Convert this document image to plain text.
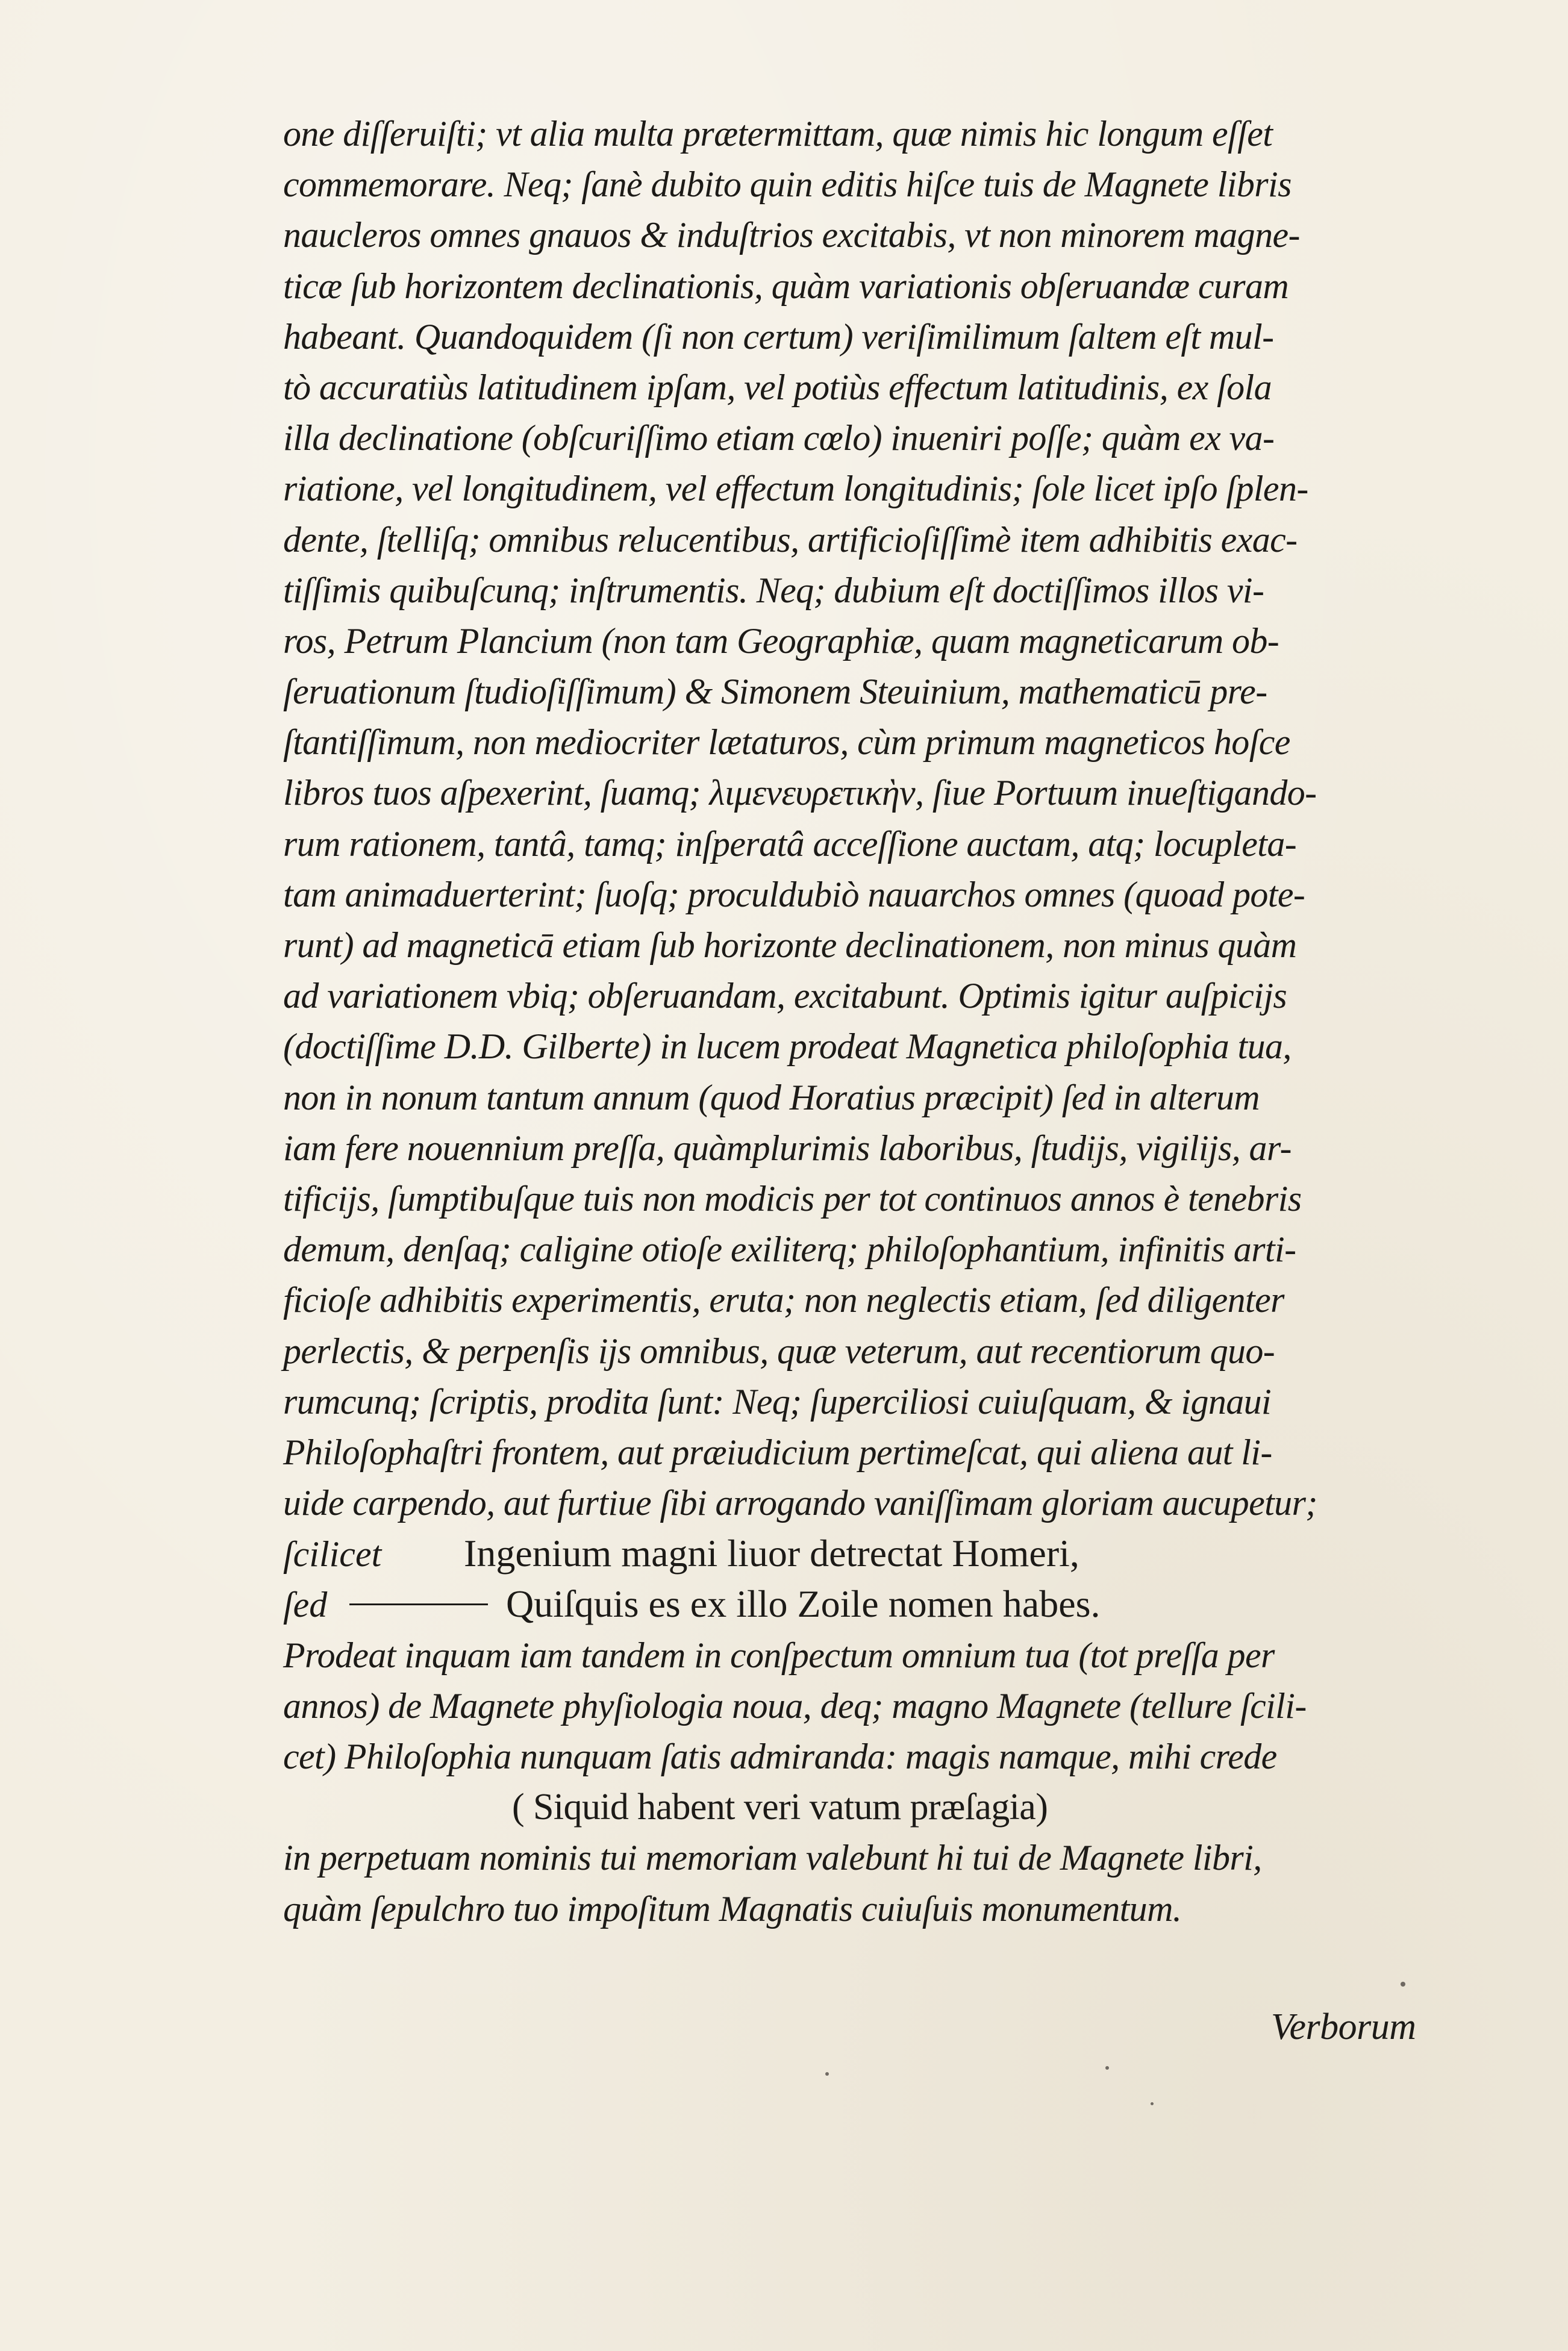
one diſſeruiſti; vt alia multa prætermittam, quæ nimis hic longum eſſet
commemorare. Neq; ſanè dubito quin editis hiſce tuis de Magnete libris
naucleros omnes gnauos & induſtrios excitabis, vt non minorem magne-
ticæ ſub horizontem declinationis, quàm variationis obſeruandæ curam
habeant. Quandoquidem (ſi non certum) veriſimilimum ſaltem eſt mul-
tò accuratiùs latitudinem ipſam, vel potiùs effectum latitudinis, ex ſola
illa declinatione (obſcuriſſimo etiam cœlo) inueniri poſſe; quàm ex va-
riatione, vel longitudinem, vel effectum longitudinis; ſole licet ipſo ſplen-
dente, ſtelliſq; omnibus relucentibus, artificioſiſſimè item adhibitis exac-
tiſſimis quibuſcunq; inſtrumentis. Neq; dubium eſt doctiſſimos illos vi-
ros, Petrum Plancium (non tam Geographiæ, quam magneticarum ob-
ſeruationum ſtudioſiſſimum) & Simonem Steuinium, mathematicū pre-
ſtantiſſimum, non mediocriter lætaturos, cùm primum magneticos hoſce
libros tuos aſpexerint, ſuamq; λιμενευρετικὴν, ſiue Portuum inueſtigando-
rum rationem, tantâ, tamq; inſperatâ acceſſione auctam, atq; locupleta-
tam animaduerterint; ſuoſq; proculdubiò nauarchos omnes (quoad pote-
runt) ad magneticā etiam ſub horizonte declinationem, non minus quàm
ad variationem vbiq; obſeruandam, excitabunt. Optimis igitur auſpicijs
(doctiſſime D.D. Gilberte) in lucem prodeat Magnetica philoſophia tua,
non in nonum tantum annum (quod Horatius præcipit) ſed in alterum
iam fere nouennium preſſa, quàmplurimis laboribus, ſtudijs, vigilijs, ar-
tificijs, ſumptibuſque tuis non modicis per tot continuos annos è tenebris
demum, denſaq; caligine otioſe exiliterq; philoſophantium, infinitis arti-
ficioſe adhibitis experimentis, eruta; non neglectis etiam, ſed diligenter
perlectis, & perpenſis ijs omnibus, quæ veterum, aut recentiorum quo-
rumcunq; ſcriptis, prodita ſunt: Neq; ſuperciliosi cuiuſquam, & ignaui
Philoſophaſtri frontem, aut præiudicium pertimeſcat, qui aliena aut li-
uide carpendo, aut furtiue ſibi arrogando vaniſſimam gloriam aucupetur;
ſcilicet Ingenium magni liuor detrectat Homeri,
ſed	Quiſquis es ex illo Zoile nomen habes.
Prodeat inquam iam tandem in conſpectum omnium tua (tot preſſa per
annos) de Magnete phyſiologia noua, deq; magno Magnete (tellure ſcili-
cet) Philoſophia nunquam ſatis admiranda: magis namque, mihi crede
( Siquid habent veri vatum præſagia)
in perpetuam nominis tui memoriam valebunt hi tui de Magnete libri,
quàm ſepulchro tuo impoſitum Magnatis cuiuſuis monumentum.
Verborum
